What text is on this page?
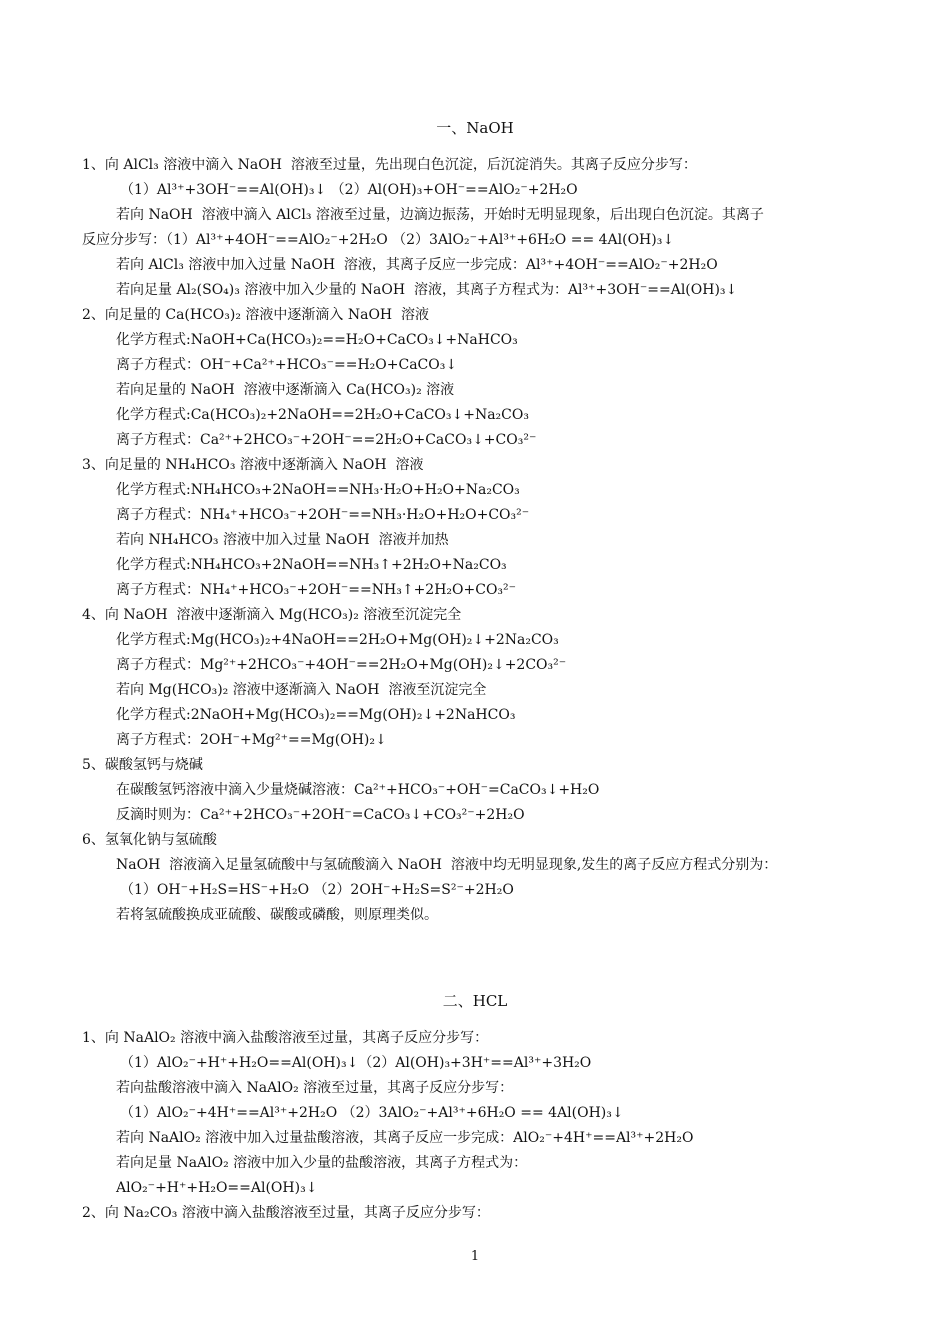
一、NaOH
1、向 AlCl₃ 溶液中滴入 NaOH  溶液至过量，先出现白色沉淀，后沉淀消失。其离子反应分步写：
（1）Al³⁺+3OH⁻==Al(OH)₃↓ （2）Al(OH)₃+OH⁻==AlO₂⁻+2H₂O
若向 NaOH  溶液中滴入 AlCl₃ 溶液至过量，边滴边振荡，开始时无明显现象，后出现白色沉淀。其离子
反应分步写：（1）Al³⁺+4OH⁻==AlO₂⁻+2H₂O （2）3AlO₂⁻+Al³⁺+6H₂O == 4Al(OH)₃↓
若向 AlCl₃ 溶液中加入过量 NaOH  溶液，其离子反应一步完成：Al³⁺+4OH⁻==AlO₂⁻+2H₂O
若向足量 Al₂(SO₄)₃ 溶液中加入少量的 NaOH  溶液，其离子方程式为：Al³⁺+3OH⁻==Al(OH)₃↓
2、向足量的 Ca(HCO₃)₂ 溶液中逐渐滴入 NaOH  溶液
化学方程式:NaOH+Ca(HCO₃)₂==H₂O+CaCO₃↓+NaHCO₃
离子方程式：OH⁻+Ca²⁺+HCO₃⁻==H₂O+CaCO₃↓
若向足量的 NaOH  溶液中逐渐滴入 Ca(HCO₃)₂ 溶液
化学方程式:Ca(HCO₃)₂+2NaOH==2H₂O+CaCO₃↓+Na₂CO₃
离子方程式：Ca²⁺+2HCO₃⁻+2OH⁻==2H₂O+CaCO₃↓+CO₃²⁻
3、向足量的 NH₄HCO₃ 溶液中逐渐滴入 NaOH  溶液
化学方程式:NH₄HCO₃+2NaOH==NH₃·H₂O+H₂O+Na₂CO₃
离子方程式：NH₄⁺+HCO₃⁻+2OH⁻==NH₃·H₂O+H₂O+CO₃²⁻
若向 NH₄HCO₃ 溶液中加入过量 NaOH  溶液并加热
化学方程式:NH₄HCO₃+2NaOH==NH₃↑+2H₂O+Na₂CO₃
离子方程式：NH₄⁺+HCO₃⁻+2OH⁻==NH₃↑+2H₂O+CO₃²⁻
4、向 NaOH  溶液中逐渐滴入 Mg(HCO₃)₂ 溶液至沉淀完全
化学方程式:Mg(HCO₃)₂+4NaOH==2H₂O+Mg(OH)₂↓+2Na₂CO₃
离子方程式：Mg²⁺+2HCO₃⁻+4OH⁻==2H₂O+Mg(OH)₂↓+2CO₃²⁻
若向 Mg(HCO₃)₂ 溶液中逐渐滴入 NaOH  溶液至沉淀完全
化学方程式:2NaOH+Mg(HCO₃)₂==Mg(OH)₂↓+2NaHCO₃
离子方程式：2OH⁻+Mg²⁺==Mg(OH)₂↓
5、碳酸氢钙与烧碱
在碳酸氢钙溶液中滴入少量烧碱溶液：Ca²⁺+HCO₃⁻+OH⁻=CaCO₃↓+H₂O
反滴时则为：Ca²⁺+2HCO₃⁻+2OH⁻=CaCO₃↓+CO₃²⁻+2H₂O
6、氢氧化钠与氢硫酸
NaOH  溶液滴入足量氢硫酸中与氢硫酸滴入 NaOH  溶液中均无明显现象,发生的离子反应方程式分别为：
（1）OH⁻+H₂S=HS⁻+H₂O （2）2OH⁻+H₂S=S²⁻+2H₂O
若将氢硫酸换成亚硫酸、碳酸或磷酸，则原理类似。
二、HCL
1、向 NaAlO₂ 溶液中滴入盐酸溶液至过量，其离子反应分步写：
（1）AlO₂⁻+H⁺+H₂O==Al(OH)₃↓（2）Al(OH)₃+3H⁺==Al³⁺+3H₂O
若向盐酸溶液中滴入 NaAlO₂ 溶液至过量，其离子反应分步写：
（1）AlO₂⁻+4H⁺==Al³⁺+2H₂O （2）3AlO₂⁻+Al³⁺+6H₂O == 4Al(OH)₃↓
若向 NaAlO₂ 溶液中加入过量盐酸溶液，其离子反应一步完成：AlO₂⁻+4H⁺==Al³⁺+2H₂O
若向足量 NaAlO₂ 溶液中加入少量的盐酸溶液，其离子方程式为：
AlO₂⁻+H⁺+H₂O==Al(OH)₃↓
2、向 Na₂CO₃ 溶液中滴入盐酸溶液至过量，其离子反应分步写：
1
